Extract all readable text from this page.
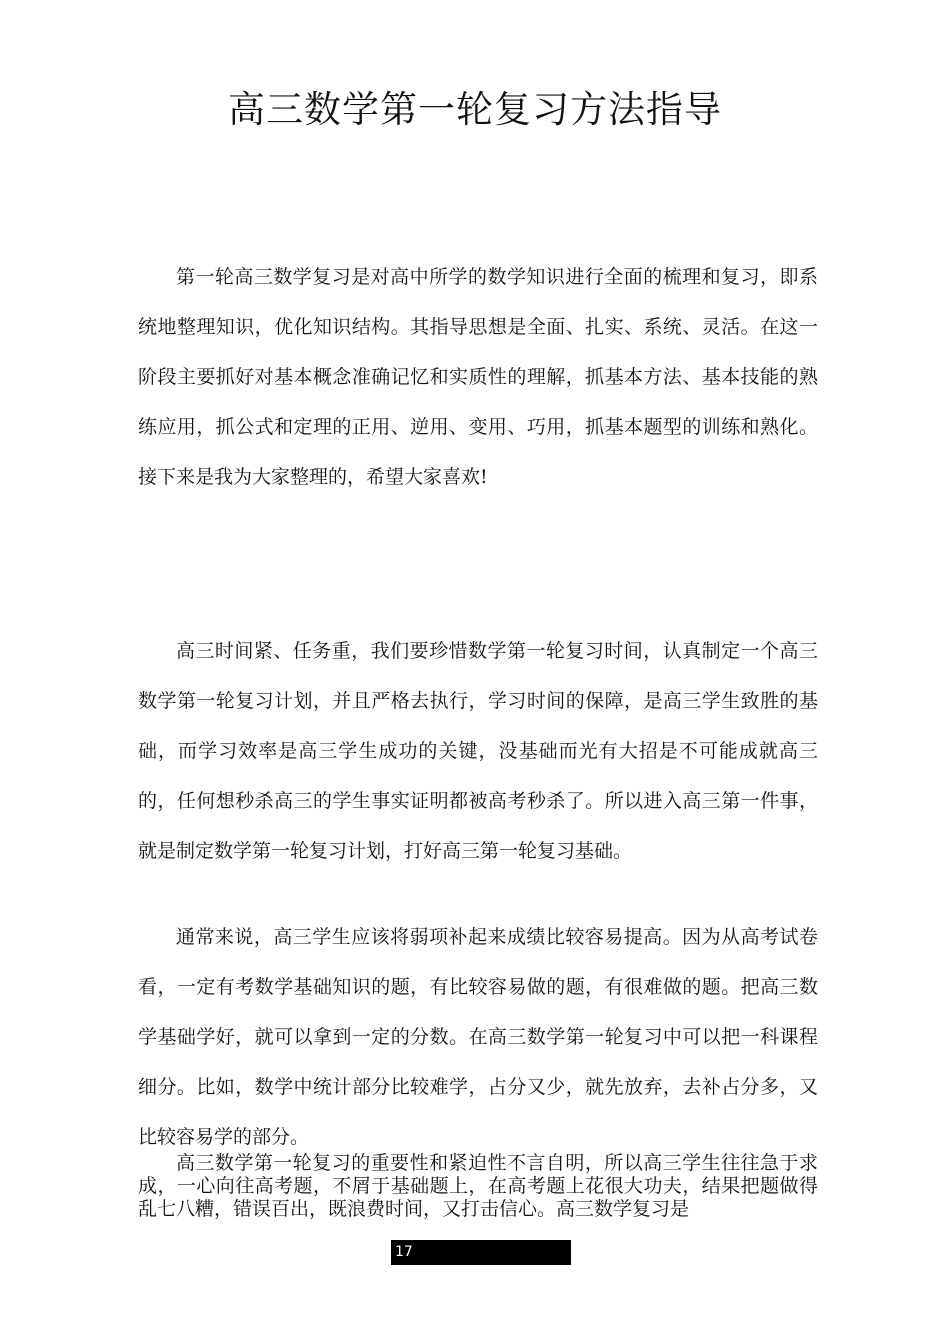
高三数学第一轮复习方法指导

第一轮高三数学复习是对高中所学的数学知识进行全面的梳理和复习，即系统地整理知识，优化知识结构。其指导思想是全面、扎实、系统、灵活。在这一阶段主要抓好对基本概念准确记忆和实质性的理解，抓基本方法、基本技能的熟练应用，抓公式和定理的正用、逆用、变用、巧用，抓基本题型的训练和熟化。接下来是我为大家整理的，希望大家喜欢!

高三时间紧、任务重，我们要珍惜数学第一轮复习时间，认真制定一个高三数学第一轮复习计划，并且严格去执行，学习时间的保障，是高三学生致胜的基础，而学习效率是高三学生成功的关键，没基础而光有大招是不可能成就高三的，任何想秒杀高三的学生事实证明都被高考秒杀了。所以进入高三第一件事，就是制定数学第一轮复习计划，打好高三第一轮复习基础。

通常来说，高三学生应该将弱项补起来成绩比较容易提高。因为从高考试卷看，一定有考数学基础知识的题，有比较容易做的题，有很难做的题。把高三数学基础学好，就可以拿到一定的分数。在高三数学第一轮复习中可以把一科课程细分。比如，数学中统计部分比较难学，占分又少，就先放弃，去补占分多，又比较容易学的部分。

高三数学第一轮复习的重要性和紧迫性不言自明，所以高三学生往往急于求成，一心向往高考题，不屑于基础题上，在高考题上花很大功夫，结果把题做得乱七八糟，错误百出，既浪费时间，又打击信心。高三数学复习是

17
